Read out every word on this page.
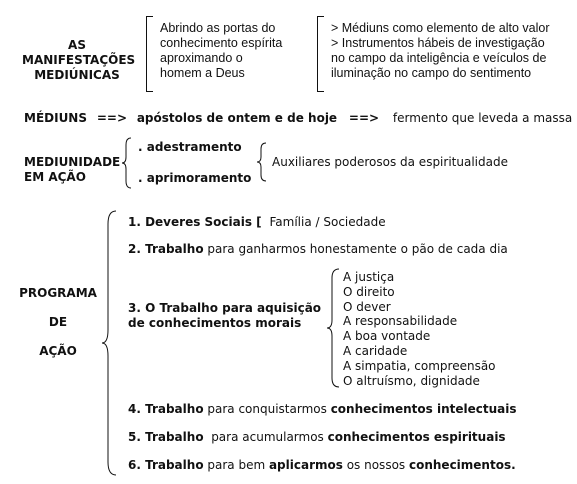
AS
MANIFESTAÇÕES
MEDIÚNICAS
Abrindo as portas do
conhecimento espírita
aproximando o
homem a Deus
> Médiuns como elemento de alto valor
> Instrumentos hábeis de investigação
no campo da inteligência e veículos de
iluminação no campo do sentimento
MÉDIUNS ==> apóstolos de ontem e de hoje ==> fermento que leveda a massa
MEDIUNIDADE
EM AÇÃO
. adestramento
. aprimoramento
Auxiliares poderosos da espiritualidade
PROGRAMA
DE
AÇÃO
1. Deveres Sociais [ Família / Sociedade
2. Trabalho para ganharmos honestamente o pão de cada dia
3. O Trabalho para aquisição
de conhecimentos morais
A justiça
O direito
O dever
A responsabilidade
A boa vontade
A caridade
A simpatia, compreensão
O altruísmo, dignidade
4. Trabalho para conquistarmos conhecimentos intelectuais
5. Trabalho  para acumularmos conhecimentos espirituais
6. Trabalho para bem aplicarmos os nossos conhecimentos.
